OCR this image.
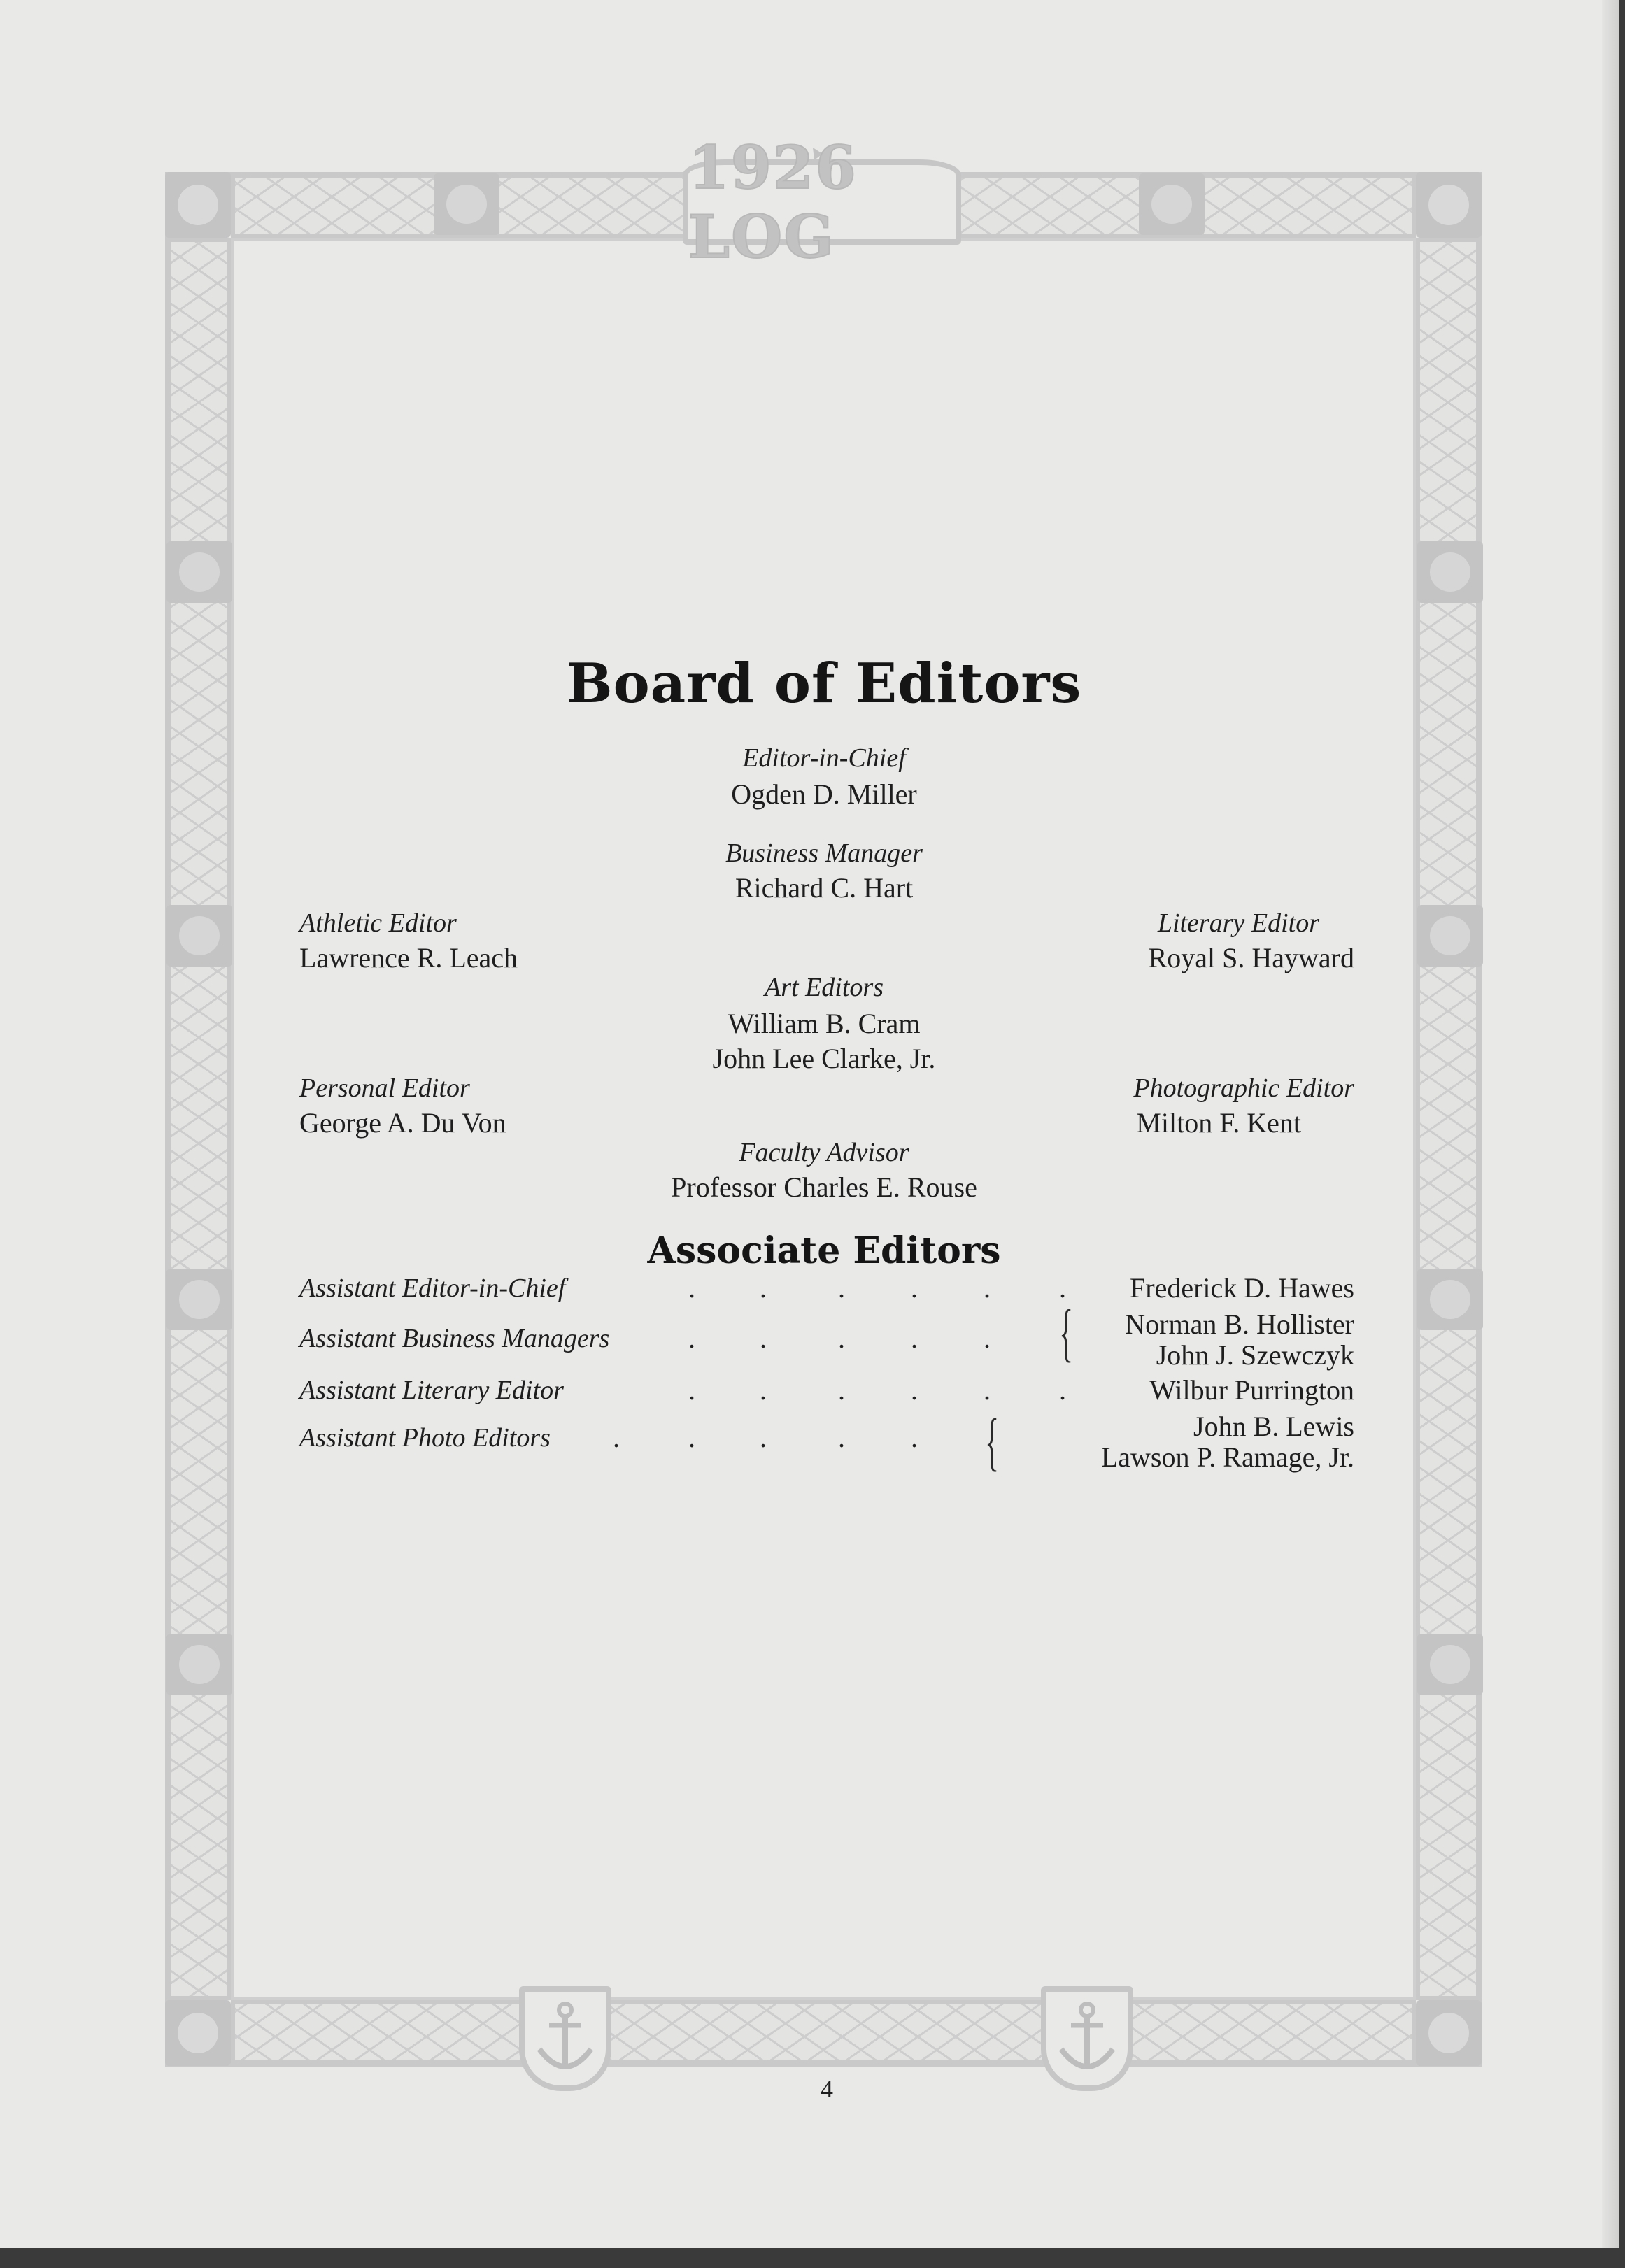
1926 LOG
Board of Editors
Editor-in-Chief
Ogden D. Miller
Business Manager
Richard C. Hart
Athletic Editor
Lawrence R. Leach
Literary Editor
Royal S. Hayward
Art Editors
William B. Cram
John Lee Clarke, Jr.
Personal Editor
George A. Du Von
Photographic Editor
Milton F. Kent
Faculty Advisor
Professor Charles E. Rouse
Associate Editors
Assistant Editor-in-Chief	. .	. . . . Frederick D. Hawes
Assistant Business Managers	. .	. . . { Norman B. Hollister
John J. Szewczyk
Assistant Literary Editor	. .	. . . .	Wilbur Purrington
Assistant Photo Editors . . .	. . {	John B. Lewis
Lawson P. Ramage, Jr.
4
